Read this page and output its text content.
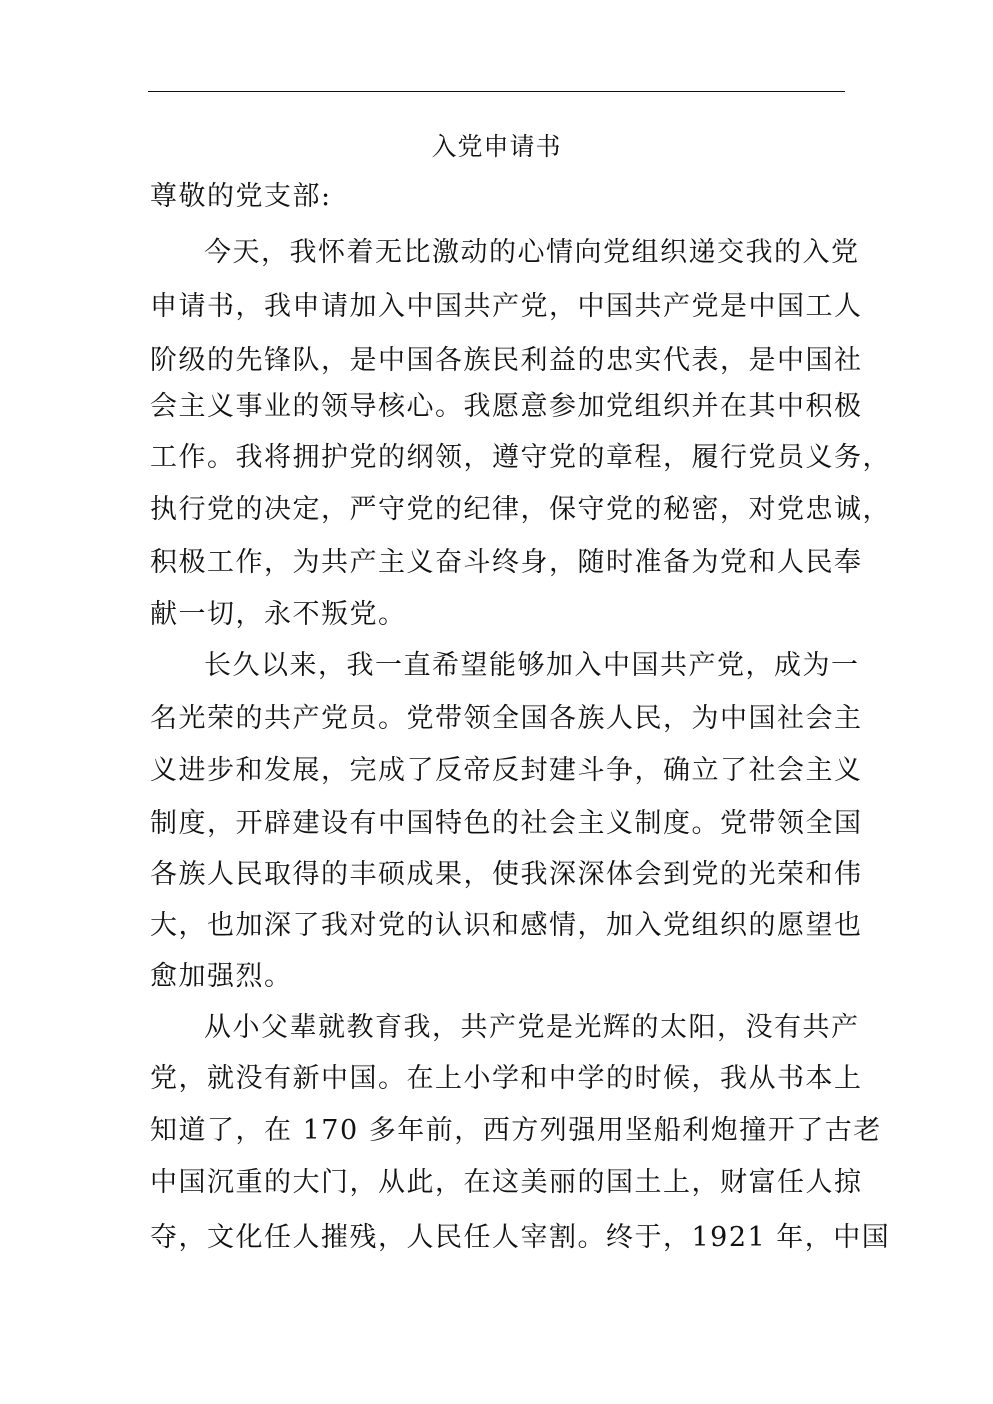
入党申请书
尊敬的党支部:
今天，我怀着无比激动的心情向党组织递交我的入党
申请书，我申请加入中国共产党，中国共产党是中国工人
阶级的先锋队，是中国各族民利益的忠实代表，是中国社
会主义事业的领导核心。我愿意参加党组织并在其中积极
工作。我将拥护党的纲领，遵守党的章程，履行党员义务，
执行党的决定，严守党的纪律，保守党的秘密，对党忠诚，
积极工作，为共产主义奋斗终身，随时准备为党和人民奉
献一切，永不叛党。
长久以来，我一直希望能够加入中国共产党，成为一
名光荣的共产党员。党带领全国各族人民，为中国社会主
义进步和发展，完成了反帝反封建斗争，确立了社会主义
制度，开辟建设有中国特色的社会主义制度。党带领全国
各族人民取得的丰硕成果，使我深深体会到党的光荣和伟
大，也加深了我对党的认识和感情，加入党组织的愿望也
愈加强烈。
从小父辈就教育我，共产党是光辉的太阳，没有共产
党，就没有新中国。在上小学和中学的时候，我从书本上
知道了，在 170 多年前，西方列强用坚船利炮撞开了古老
中国沉重的大门，从此，在这美丽的国土上，财富任人掠
夺，文化任人摧残，人民任人宰割。终于，1921 年，中国
